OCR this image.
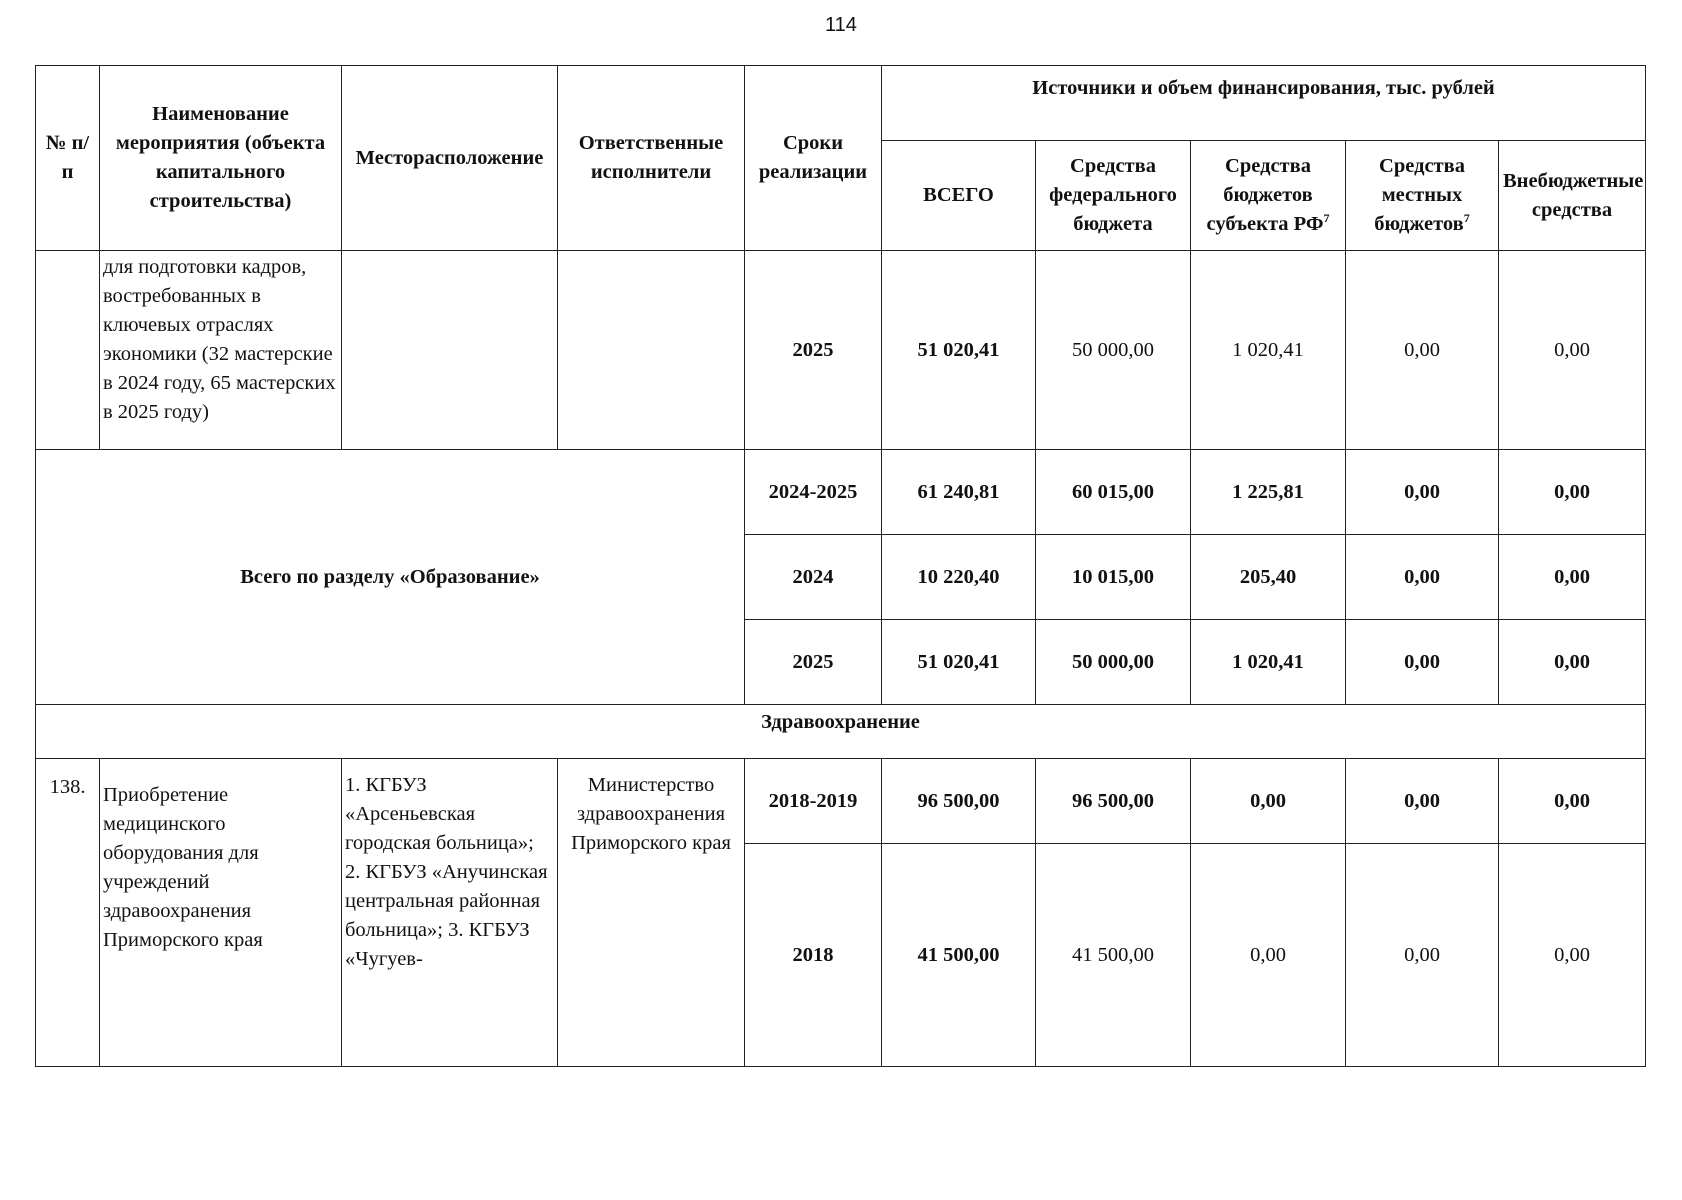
114
№ п/п	Наименование мероприятия (объекта капитального строительства)	Месторасположение	Ответственные исполнители	Сроки реализации	Источники и объем финансирования, тыс. рублей				
					ВСЕГО	Средства федерального бюджета	Средства бюджетов субъекта $РФ^7$	Средства местных бюджетов$^7$	Внебюджетные средства
	для подготовки кадров, востребованных в ключевых отраслях экономики (32 мастерские в 2024 году, 65 мастерских в 2025 году)			2025	51 020,41	50 000,00	1 020,41	0,00	0,00
Всего по разделу «Образование»				2024-2025	61 240,81	60 015,00	1 225,81	0,00	0,00
				2024	10 220,40	10 015,00	205,40	0,00	0,00
				2025	51 020,41	50 000,00	1 020,41	0,00	0,00
Здравоохранение									
138.	Приобретение медицинского оборудования для учреждений здравоохранения Приморского края	1. КГБУЗ «Арсеньевская городская больница»; 2. КГБУЗ «Анучинская центральная районная больница»; 3. КГБУЗ «Чугуев-	Министерство здравоохранения Приморского края	2018-2019	96 500,00	96 500,00	0,00	0,00	0,00
				2018	41 500,00	41 500,00	0,00	0,00	0,00
